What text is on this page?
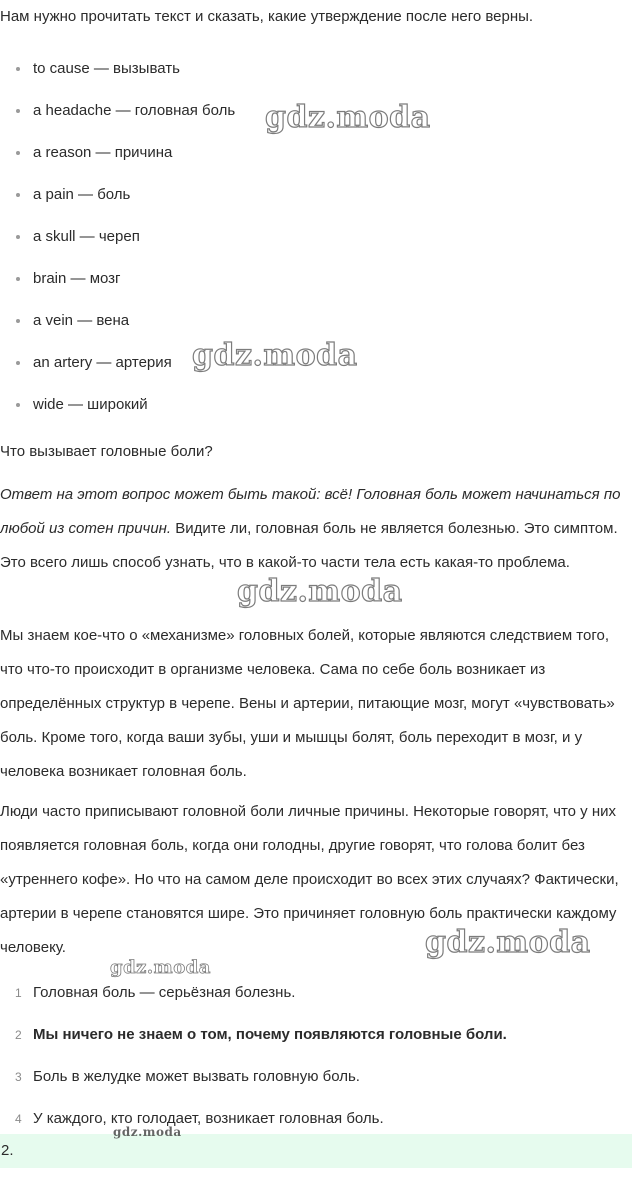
Нам нужно прочитать текст и сказать, какие утверждение после него верны.

to cause — вызывать
a headache — головная боль
a reason — причина
a pain — боль
a skull — череп
brain — мозг
a vein — вена
an artery — артерия
wide — широкий

Что вызывает головные боли?

Ответ на этот вопрос может быть такой: всё! Головная боль может начинаться по любой из сотен причин. Видите ли, головная боль не является болезнью. Это симптом. Это всего лишь способ узнать, что в какой-то части тела есть какая-то проблема.

Мы знаем кое-что о «механизме» головных болей, которые являются следствием того, что что-то происходит в организме человека. Сама по себе боль возникает из определённых структур в черепе. Вены и артерии, питающие мозг, могут «чувствовать» боль. Кроме того, когда ваши зубы, уши и мышцы болят, боль переходит в мозг, и у человека возникает головная боль.

Люди часто приписывают головной боли личные причины. Некоторые говорят, что у них появляется головная боль, когда они голодны, другие говорят, что голова болит без «утреннего кофе». Но что на самом деле происходит во всех этих случаях? Фактически, артерии в черепе становятся шире. Это причиняет головную боль практически каждому человеку.

1 Головная боль — серьёзная болезнь.
2 Мы ничего не знаем о том, почему появляются головные боли.
3 Боль в желудке может вызвать головную боль.
4 У каждого, кто голодает, возникает головная боль.
2.
gdz.moda
gdz.moda
gdz.moda
gdz.moda
gdz.moda
gdz.moda
